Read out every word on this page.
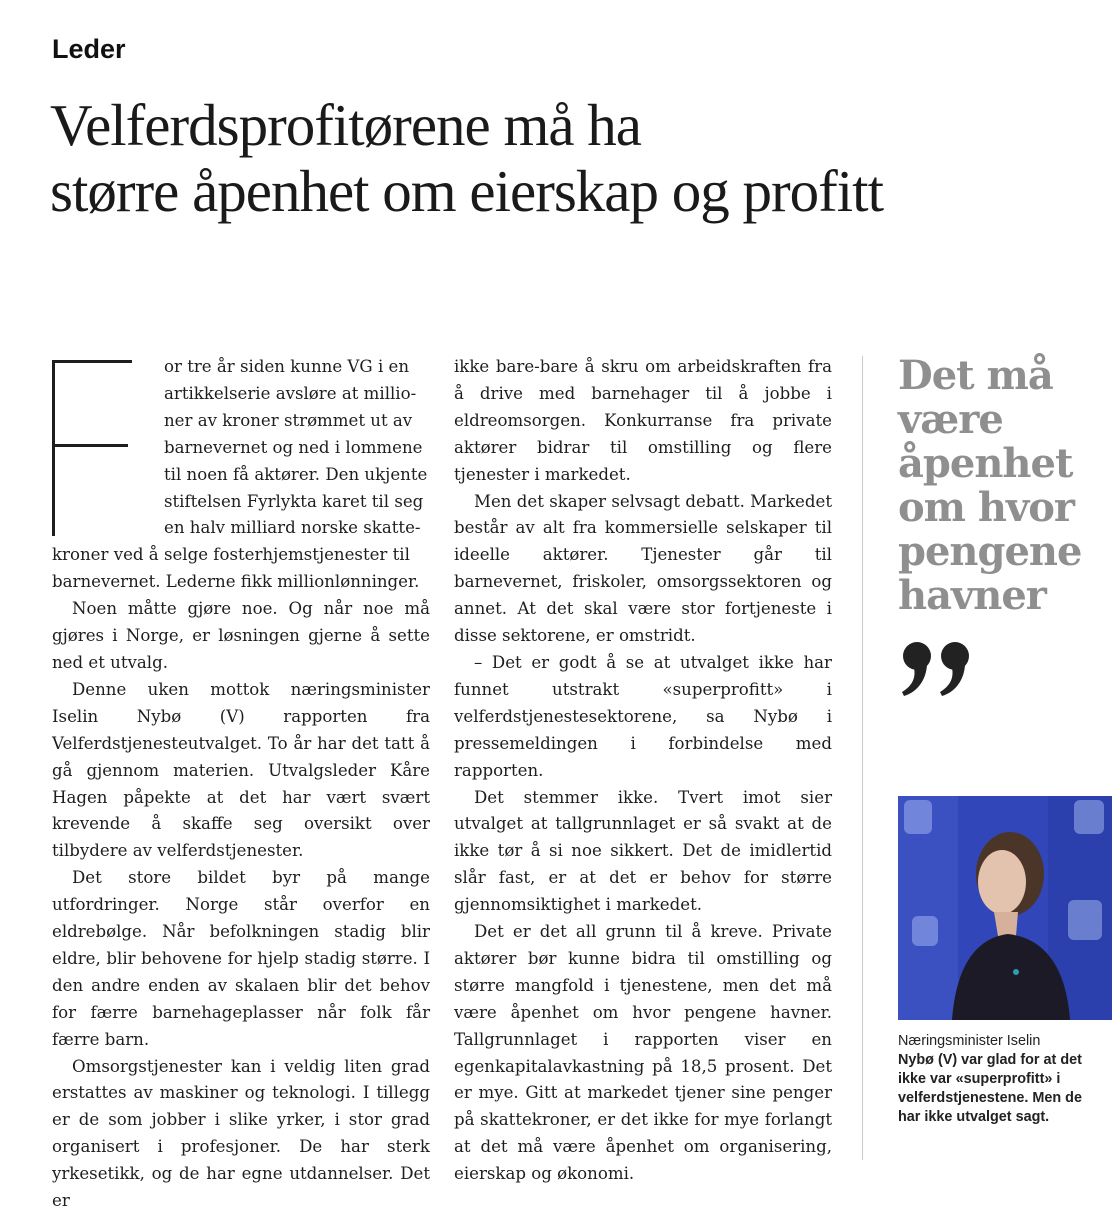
Leder
Velferdsprofitørene må ha
større åpenhet om eierskap og profitt
or tre år siden kunne VG i en
artikkelserie avsløre at millio-
ner av kroner strømmet ut av
barnevernet og ned i lommene
til noen få aktører. Den ukjente
stiftelsen Fyrlykta karet til seg
en halv milliard norske skatte-
kroner ved å selge fosterhjemstjenester til
barnevernet. Lederne fikk millionlønninger.

Noen måtte gjøre noe. Og når noe må gjøres i Norge, er løsningen gjerne å sette ned et utvalg.

Denne uken mottok næringsminister Iselin Nybø (V) rapporten fra Velferdstjenesteutvalget. To år har det tatt å gå gjennom materien. Utvalgsleder Kåre Hagen påpekte at det har vært svært krevende å skaffe seg oversikt over tilbydere av velferdstjenester.

Det store bildet byr på mange utfordringer. Norge står overfor en eldrebølge. Når befolkningen stadig blir eldre, blir behovene for hjelp stadig større. I den andre enden av skalaen blir det behov for færre barnehageplasser når folk får færre barn.

Omsorgstjenester kan i veldig liten grad erstattes av maskiner og teknologi. I tillegg er de som jobber i slike yrker, i stor grad organisert i profesjoner. De har sterk yrkesetikk, og de har egne utdannelser. Det er

ikke bare-bare å skru om arbeidskraften fra å drive med barnehager til å jobbe i eldreomsorgen. Konkurranse fra private aktører bidrar til omstilling og flere tjenester i markedet.

Men det skaper selvsagt debatt. Markedet består av alt fra kommersielle selskaper til ideelle aktører. Tjenester går til barnevernet, friskoler, omsorgssektoren og annet. At det skal være stor fortjeneste i disse sektorene, er omstridt.

– Det er godt å se at utvalget ikke har funnet utstrakt «superprofitt» i velferdstjenestesektorene, sa Nybø i pressemeldingen i forbindelse med rapporten.

Det stemmer ikke. Tvert imot sier utvalget at tallgrunnlaget er så svakt at de ikke tør å si noe sikkert. Det de imidlertid slår fast, er at det er behov for større gjennomsiktighet i markedet.

Det er det all grunn til å kreve. Private aktører bør kunne bidra til omstilling og større mangfold i tjenestene, men det må være åpenhet om hvor pengene havner. Tallgrunnlaget i rapporten viser en egenkapitalavkastning på 18,5 prosent. Det er mye. Gitt at markedet tjener sine penger på skattekroner, er det ikke for mye forlangt at det må være åpenhet om organisering, eierskap og økonomi.

Det må
være
åpenhet
om hvor
pengene
havner
Næringsminister Iselin
Nybø (V) var glad for at det
ikke var «superprofitt» i
velferdstjenestene. Men de
har ikke utvalget sagt.
